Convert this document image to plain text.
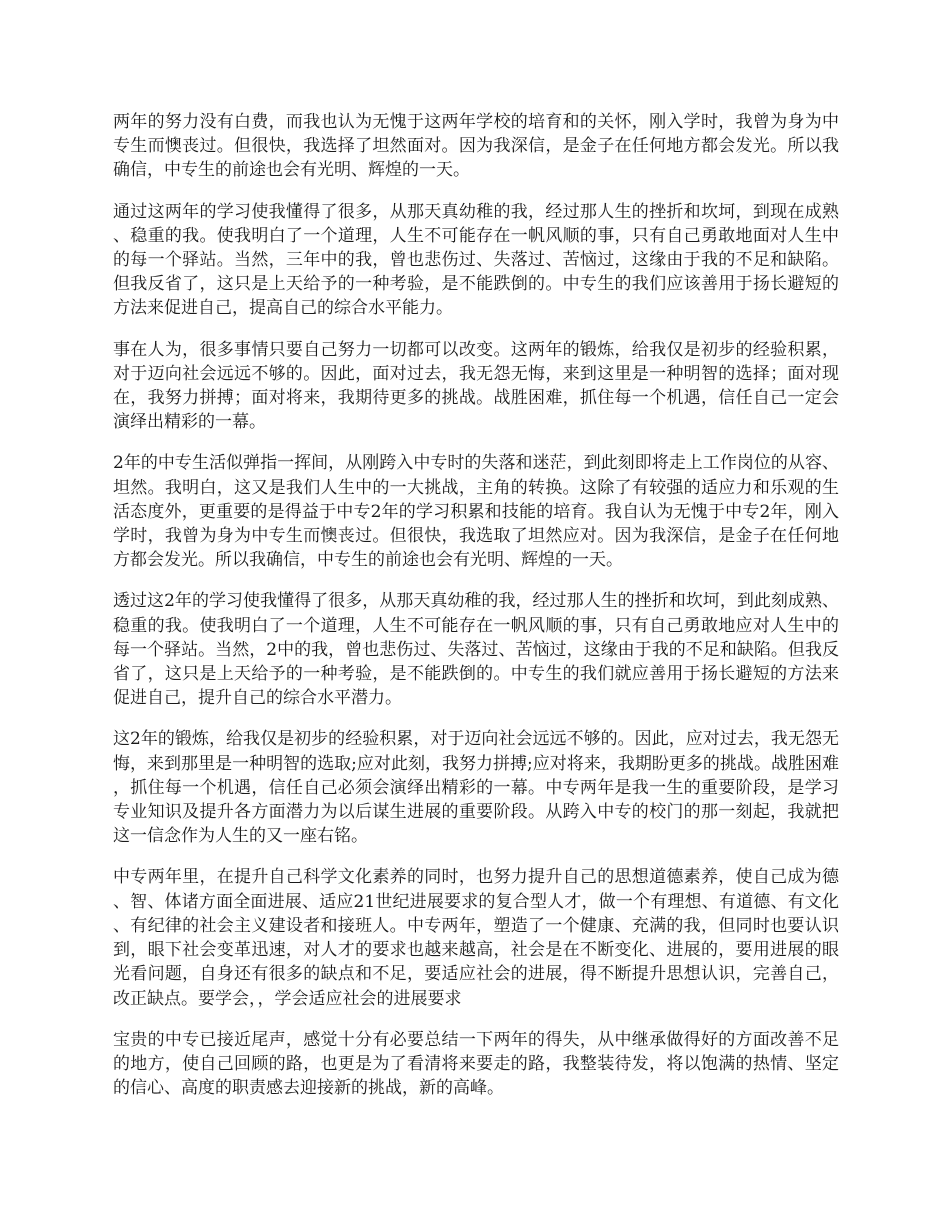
两年的努力没有白费，而我也认为无愧于这两年学校的培育和的关怀，刚入学时，我曾为身为中专生而懊丧过。但很快，我选择了坦然面对。因为我深信，是金子在任何地方都会发光。所以我确信，中专生的前途也会有光明、辉煌的一天。

通过这两年的学习使我懂得了很多，从那天真幼稚的我，经过那人生的挫折和坎坷，到现在成熟、稳重的我。使我明白了一个道理，人生不可能存在一帆风顺的事，只有自己勇敢地面对人生中的每一个驿站。当然，三年中的我，曾也悲伤过、失落过、苦恼过，这缘由于我的不足和缺陷。但我反省了，这只是上天给予的一种考验，是不能跌倒的。中专生的我们应该善用于扬长避短的方法来促进自己，提高自己的综合水平能力。

事在人为，很多事情只要自己努力一切都可以改变。这两年的锻炼，给我仅是初步的经验积累，对于迈向社会远远不够的。因此，面对过去，我无怨无悔，来到这里是一种明智的选择；面对现在，我努力拼搏；面对将来，我期待更多的挑战。战胜困难，抓住每一个机遇，信任自己一定会演绎出精彩的一幕。

2年的中专生活似弹指一挥间，从刚跨入中专时的失落和迷茫，到此刻即将走上工作岗位的从容、坦然。我明白，这又是我们人生中的一大挑战，主角的转换。这除了有较强的适应力和乐观的生活态度外，更重要的是得益于中专2年的学习积累和技能的培育。我自认为无愧于中专2年，刚入学时，我曾为身为中专生而懊丧过。但很快，我选取了坦然应对。因为我深信，是金子在任何地方都会发光。所以我确信，中专生的前途也会有光明、辉煌的一天。

透过这2年的学习使我懂得了很多，从那天真幼稚的我，经过那人生的挫折和坎坷，到此刻成熟、稳重的我。使我明白了一个道理，人生不可能存在一帆风顺的事，只有自己勇敢地应对人生中的每一个驿站。当然，2中的我，曾也悲伤过、失落过、苦恼过，这缘由于我的不足和缺陷。但我反省了，这只是上天给予的一种考验，是不能跌倒的。中专生的我们就应善用于扬长避短的方法来促进自己，提升自己的综合水平潜力。

这2年的锻炼，给我仅是初步的经验积累，对于迈向社会远远不够的。因此，应对过去，我无怨无悔，来到那里是一种明智的选取;应对此刻，我努力拼搏;应对将来，我期盼更多的挑战。战胜困难，抓住每一个机遇，信任自己必须会演绎出精彩的一幕。中专两年是我一生的重要阶段，是学习专业知识及提升各方面潜力为以后谋生进展的重要阶段。从跨入中专的校门的那一刻起，我就把这一信念作为人生的又一座右铭。

中专两年里，在提升自己科学文化素养的同时，也努力提升自己的思想道德素养，使自己成为德、智、体诸方面全面进展、适应21世纪进展要求的复合型人才，做一个有理想、有道德、有文化、有纪律的社会主义建设者和接班人。中专两年，塑造了一个健康、充满的我，但同时也要认识到，眼下社会变革迅速，对人才的要求也越来越高，社会是在不断变化、进展的，要用进展的眼光看问题，自身还有很多的缺点和不足，要适应社会的进展，得不断提升思想认识，完善自己，改正缺点。要学会，，学会适应社会的进展要求

宝贵的中专已接近尾声，感觉十分有必要总结一下两年的得失，从中继承做得好的方面改善不足的地方，使自己回顾的路，也更是为了看清将来要走的路，我整装待发，将以饱满的热情、坚定的信心、高度的职责感去迎接新的挑战，新的高峰。
